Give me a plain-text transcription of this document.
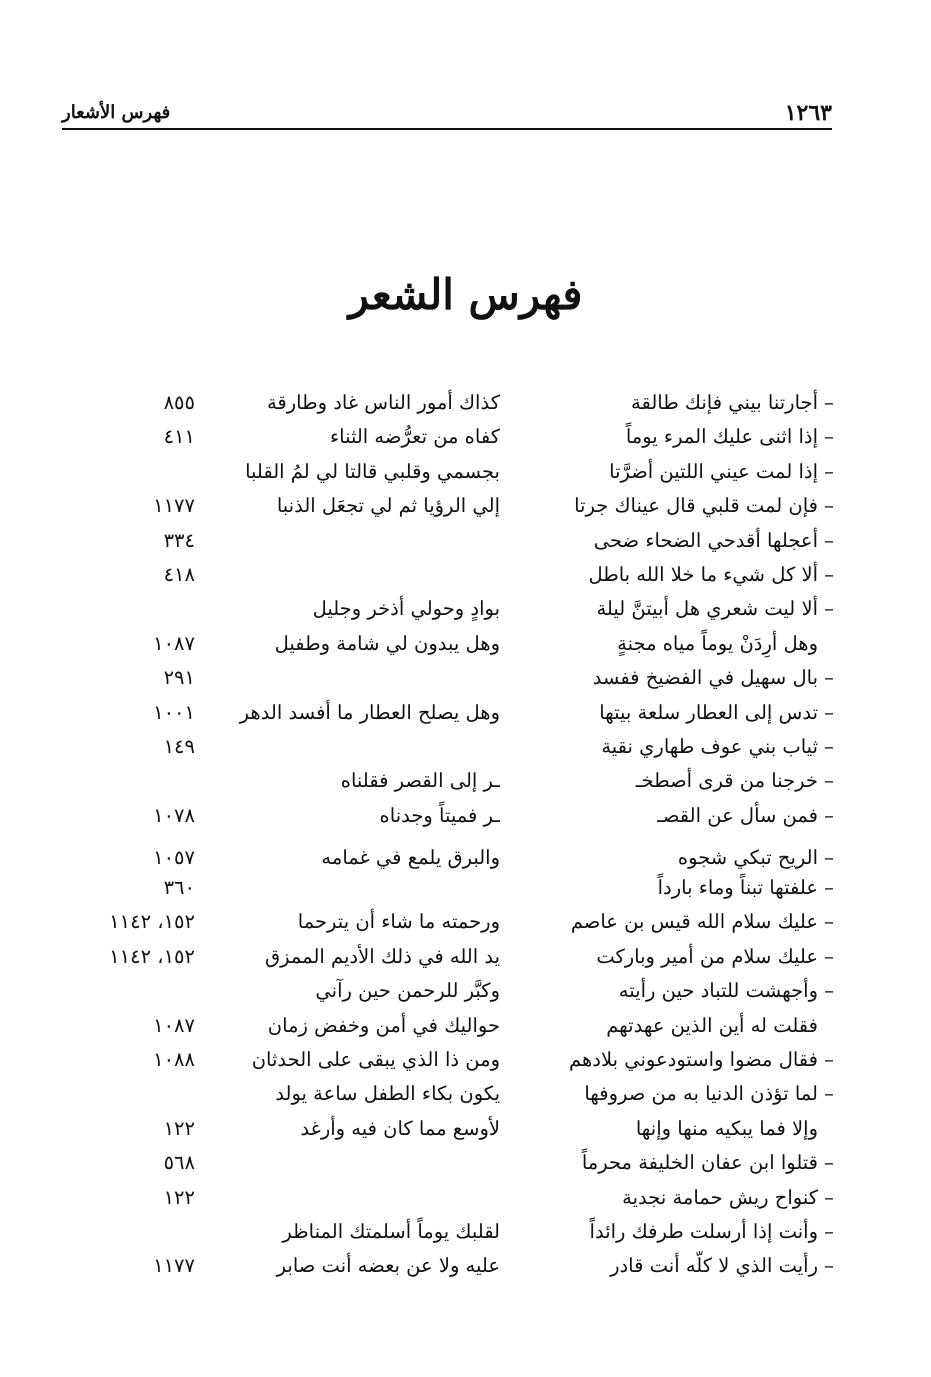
١٢٦٣
فهرس الأشعار
فهرس الشعر
–
أجارتنا بيني فإنك طالقة
كذاك أمور الناس غاد وطارقة
٨٥٥
–
إذا اثنى عليك المرء يوماً
كفاه من تعرُّضه الثناء
٤١١
–
إذا لمت عيني اللتين أضرَّتا
بجسمي وقلبي قالتا لي لمُ القلبا
–
فإن لمت قلبي قال عيناك جرتا
إلي الرؤيا ثم لي تجعَل الذنبا
١١٧٧
–
أعجلها أقدحي الضحاء ضحى
٣٣٤
–
ألا كل شيء ما خلا الله باطل
٤١٨
–
ألا ليت شعري هل أبيتنَّ ليلة
بوادٍ وحولي أذخر وجليل
وهل أرِدَنْ يوماً مياه مجنةٍ
وهل يبدون لي شامة وطفيل
١٠٨٧
–
بال سهيل في الفضيخ ففسد
٢٩١
–
تدس إلى العطار سلعة بيتها
وهل يصلح العطار ما أفسد الدهر
١٠٠١
–
ثياب بني عوف طهاري نقية
١٤٩
–
خرجنا من قرى أصطخـ
ـر إلى القصر فقلناه
–
فمن سأل عن القصـ
ـر فميتاً وجدناه
١٠٧٨
–
الريح تبكي شجوه
والبرق يلمع في غمامه
١٠٥٧
–
علفتها تبناً وماء بارداً
٣٦٠
–
عليك سلام الله قيس بن عاصم
ورحمته ما شاء أن يترحما
١٥٢، ١١٤٢
–
عليك سلام من أمير وباركت
يد الله في ذلك الأديم الممزق
١٥٢، ١١٤٢
–
وأجهشت للتباد حين رأيته
وكبَّر للرحمن حين رآني
فقلت له أين الذين عهدتهم
حواليك في أمن وخفض زمان
١٠٨٧
–
فقال مضوا واستودعوني بلادهم
ومن ذا الذي يبقى على الحدثان
١٠٨٨
–
لما تؤذن الدنيا به من صروفها
يكون بكاء الطفل ساعة يولد
وإلا فما يبكيه منها وإنها
لأوسع مما كان فيه وأرغد
١٢٢
–
قتلوا ابن عفان الخليفة محرماً
٥٦٨
–
كنواح ريش حمامة نجدية
١٢٢
–
وأنت إذا أرسلت طرفك رائداً
لقلبك يوماً أسلمتك المناظر
–
رأيت الذي لا كلّه أنت قادر
عليه ولا عن بعضه أنت صابر
١١٧٧
